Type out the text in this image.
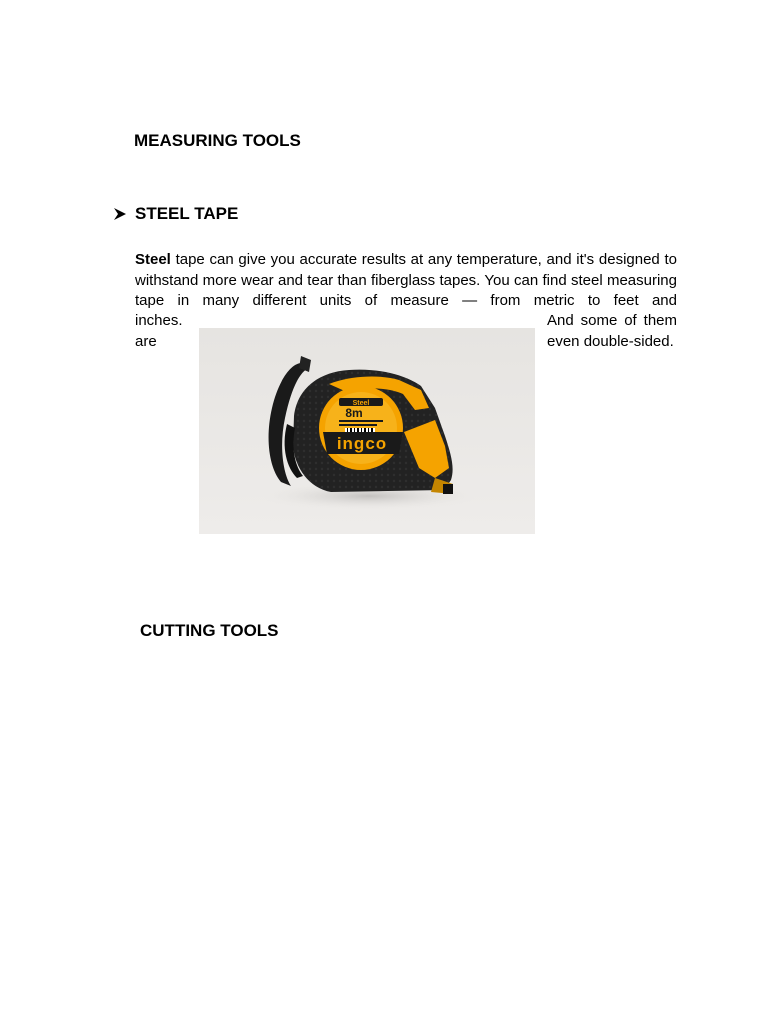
MEASURING TOOLS
STEEL TAPE

Steel tape can give you accurate results at any temperature, and it's designed to withstand more wear and tear than fiberglass tapes. You can find steel measuring tape in many different units of measure — from metric to feet and

inches.

are

And some of them

even double-sided.

Steel
8m
ingco
CUTTING TOOLS
